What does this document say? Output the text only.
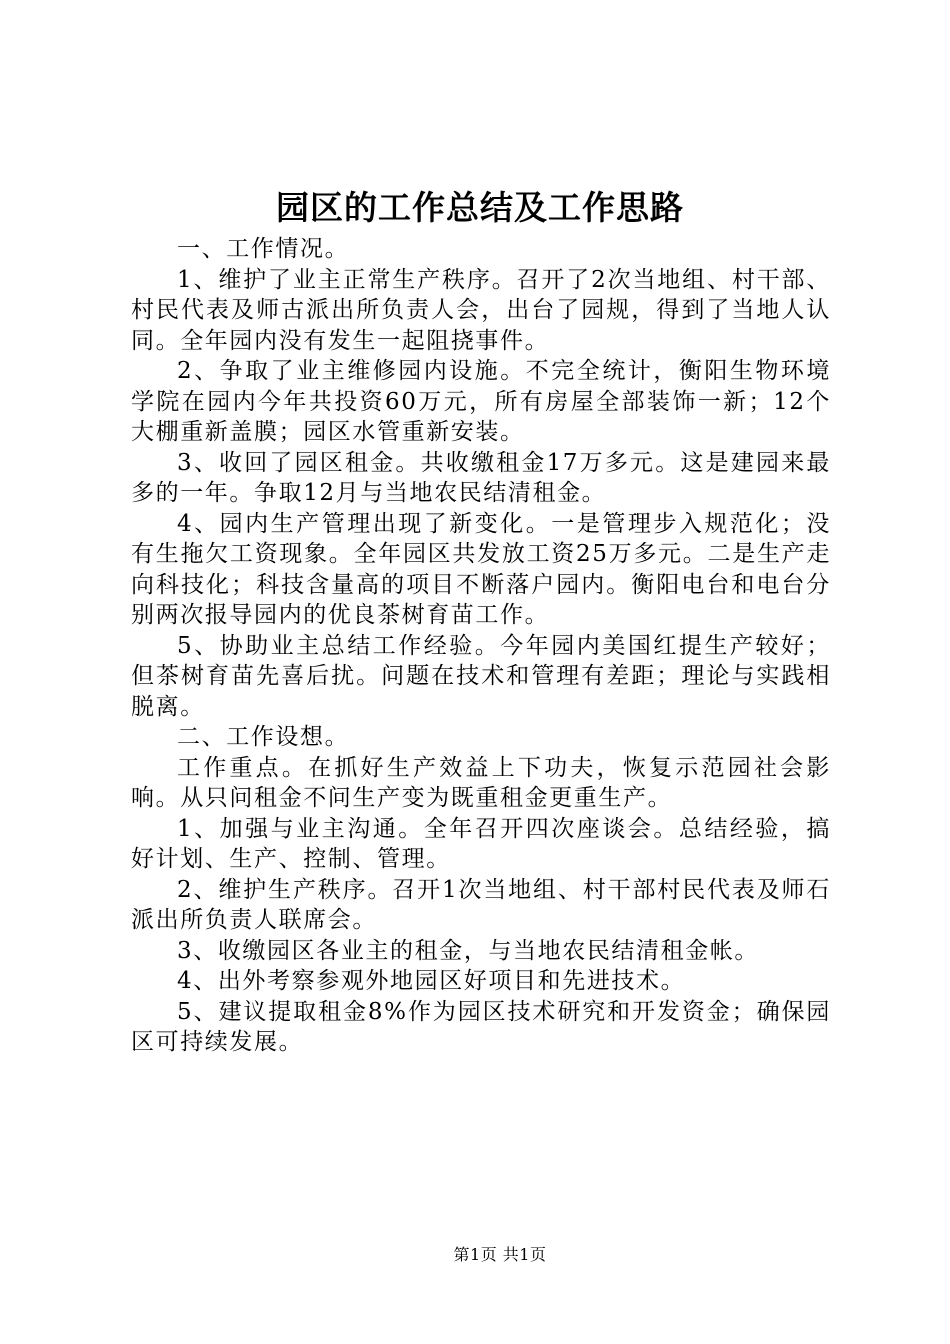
园区的工作总结及工作思路

一、工作情况。

1、维护了业主正常生产秩序。召开了2次当地组、村干部、村民代表及师古派出所负责人会，出台了园规，得到了当地人认同。全年园内没有发生一起阻挠事件。

2、争取了业主维修园内设施。不完全统计，衡阳生物环境学院在园内今年共投资60万元，所有房屋全部装饰一新；12个大棚重新盖膜；园区水管重新安装。

3、收回了园区租金。共收缴租金17万多元。这是建园来最多的一年。争取12月与当地农民结清租金。

4、园内生产管理出现了新变化。一是管理步入规范化；没有生拖欠工资现象。全年园区共发放工资25万多元。二是生产走向科技化；科技含量高的项目不断落户园内。衡阳电台和电台分别两次报导园内的优良茶树育苗工作。

5、协助业主总结工作经验。今年园内美国红提生产较好；但茶树育苗先喜后扰。问题在技术和管理有差距；理论与实践相脱离。

二、工作设想。

工作重点。在抓好生产效益上下功夫，恢复示范园社会影响。从只问租金不问生产变为既重租金更重生产。

1、加强与业主沟通。全年召开四次座谈会。总结经验，搞好计划、生产、控制、管理。

2、维护生产秩序。召开1次当地组、村干部村民代表及师石派出所负责人联席会。

3、收缴园区各业主的租金，与当地农民结清租金帐。

4、出外考察参观外地园区好项目和先进技术。

5、建议提取租金8%作为园区技术研究和开发资金；确保园区可持续发展。

第1页 共1页
